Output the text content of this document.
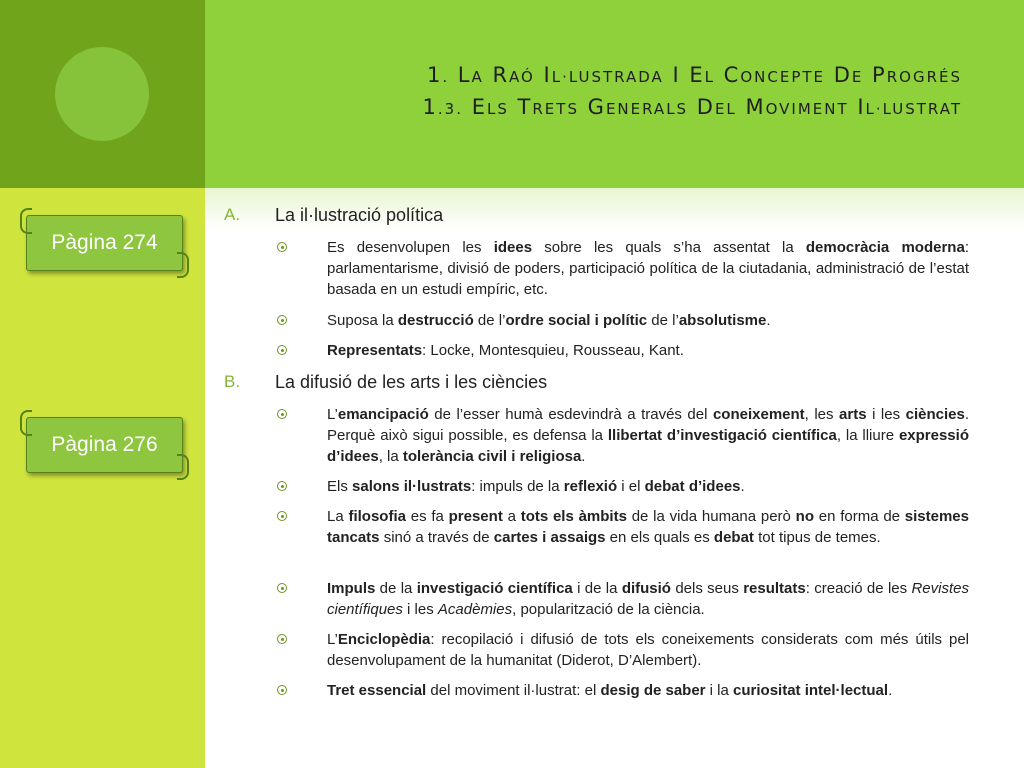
1. LA RAÓ IL·LUSTRADA I EL CONCEPTE DE PROGRÉS
1.3. ELS TRETS GENERALS DEL MOVIMENT IL·LUSTRAT
Pàgina 274
Pàgina 276
A. La il·lustració política
Es desenvolupen les idees sobre les quals s’ha assentat la democràcia moderna: parlamentarisme, divisió de poders, participació política de la ciutadania, administració de l’estat basada en un estudi empíric, etc.
Suposa la destrucció de l’ordre social i polític de l’absolutisme.
Representats: Locke, Montesquieu, Rousseau, Kant.
B. La difusió de les arts i les ciències
L’emancipació de l’esser humà esdevindrà a través del coneixement, les arts i les ciències. Perquè això sigui possible, es defensa la llibertat d’investigació científica, la lliure expressió d’idees, la tolerància civil i religiosa.
Els salons il·lustrats: impuls de la reflexió i el debat d’idees.
La filosofia es fa present a tots els àmbits de la vida humana però no en forma de sistemes tancats sinó a través de cartes i assaigs en els quals es debat tot tipus de temes.
Impuls de la investigació científica i de la difusió dels seus resultats: creació de les Revistes científiques i les Acadèmies, popularització de la ciència.
L’Enciclopèdia: recopilació i difusió de tots els coneixements considerats com més útils pel desenvolupament de la humanitat (Diderot, D’Alembert).
Tret essencial del moviment il·lustrat: el desig de saber i la curiositat intel·lectual.
